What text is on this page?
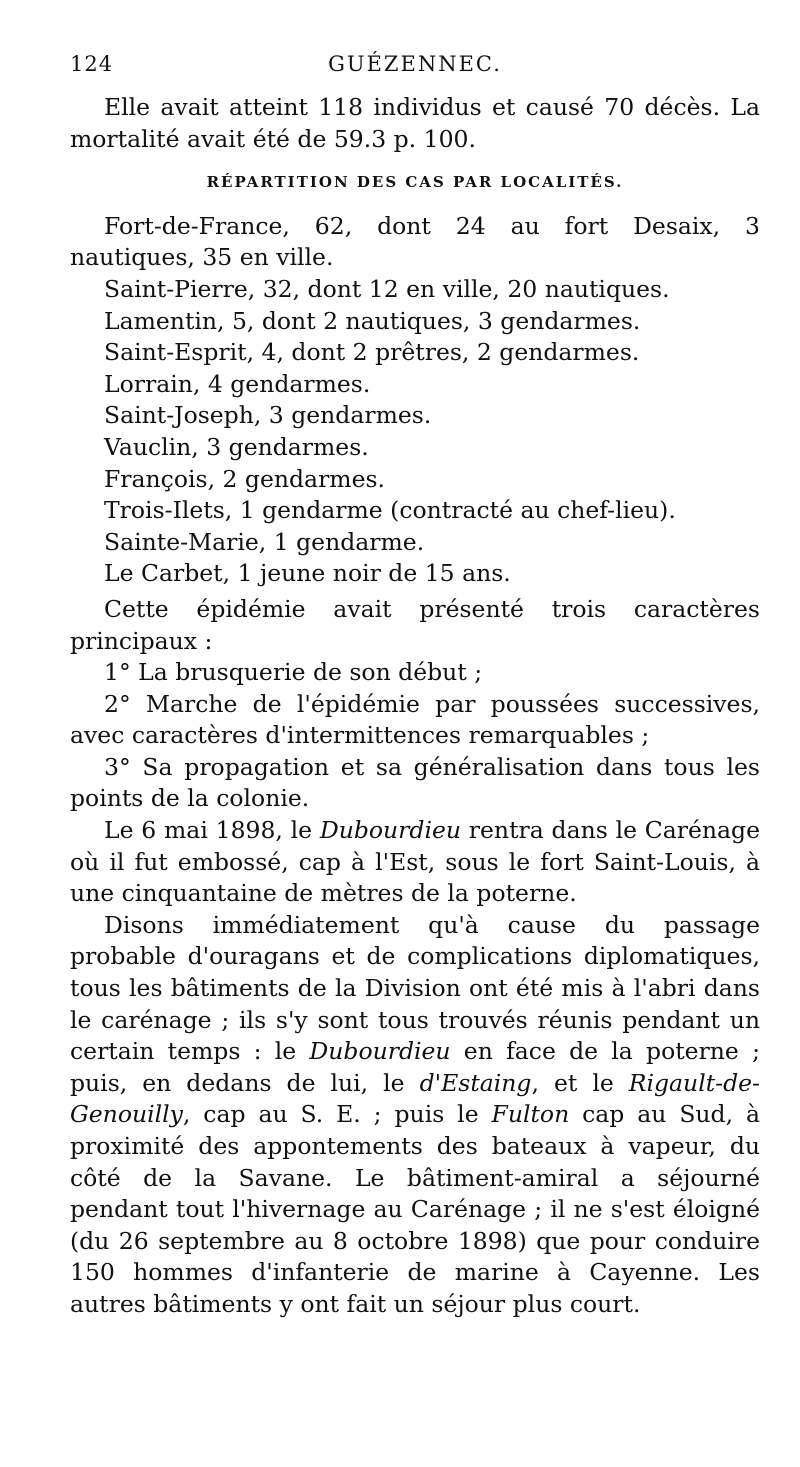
124	GUÉZENNEC.

Elle avait atteint 118 individus et causé 70 décès. La mortalité avait été de 59.3 p. 100.

RÉPARTITION DES CAS PAR LOCALITÉS.
Fort-de-France, 62, dont 24 au fort Desaix, 3 nautiques, 35 en ville.
Saint-Pierre, 32, dont 12 en ville, 20 nautiques.
Lamentin, 5, dont 2 nautiques, 3 gendarmes.
Saint-Esprit, 4, dont 2 prêtres, 2 gendarmes.
Lorrain, 4 gendarmes.
Saint-Joseph, 3 gendarmes.
Vauclin, 3 gendarmes.
François, 2 gendarmes.
Trois-Ilets, 1 gendarme (contracté au chef-lieu).
Sainte-Marie, 1 gendarme.
Le Carbet, 1 jeune noir de 15 ans.

Cette épidémie avait présenté trois caractères principaux :

1° La brusquerie de son début ;
2° Marche de l'épidémie par poussées successives, avec caractères d'intermittences remarquables ;
3° Sa propagation et sa généralisation dans tous les points de la colonie.

Le 6 mai 1898, le Dubourdieu rentra dans le Carénage où il fut embossé, cap à l'Est, sous le fort Saint-Louis, à une cinquantaine de mètres de la poterne.

Disons immédiatement qu'à cause du passage probable d'ouragans et de complications diplomatiques, tous les bâtiments de la Division ont été mis à l'abri dans le carénage ; ils s'y sont tous trouvés réunis pendant un certain temps : le Dubourdieu en face de la poterne ; puis, en dedans de lui, le d'Estaing, et le Rigault-de-Genouilly, cap au S. E. ; puis le Fulton cap au Sud, à proximité des appontements des bateaux à vapeur, du côté de la Savane. Le bâtiment-amiral a séjourné pendant tout l'hivernage au Carénage ; il ne s'est éloigné (du 26 septembre au 8 octobre 1898) que pour conduire 150 hommes d'infanterie de marine à Cayenne. Les autres bâtiments y ont fait un séjour plus court.
